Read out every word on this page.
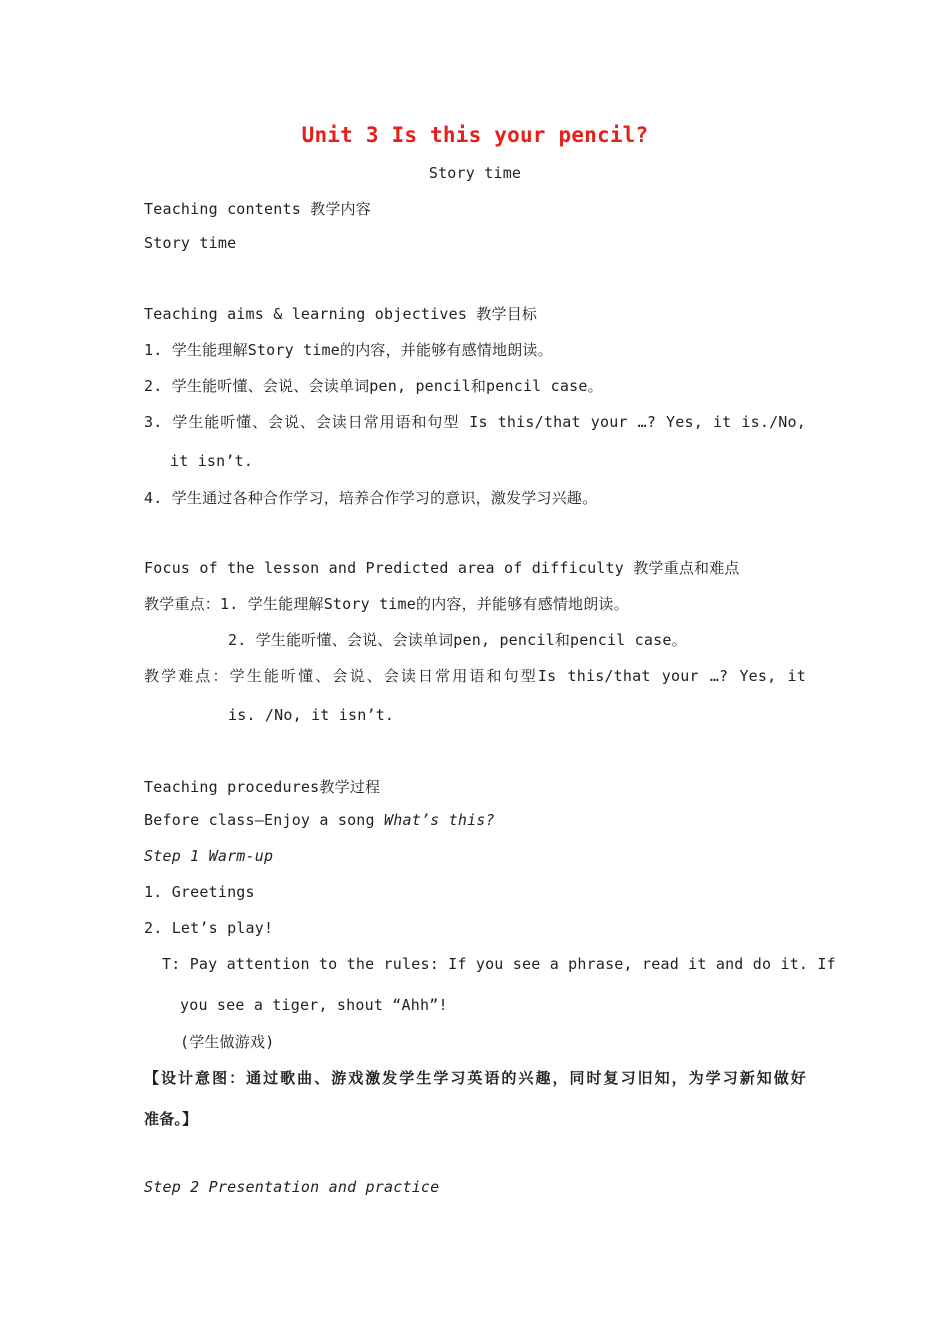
Unit 3 Is this your pencil?
Story time
Teaching contents 教学内容
Story time
Teaching aims & learning objectives 教学目标
1. 学生能理解Story time的内容，并能够有感情地朗读。
2. 学生能听懂、会说、会读单词pen, pencil和pencil case。
3. 学生能听懂、会说、会读日常用语和句型 Is this/that your …? Yes, it is./No,
it isn’t.
4. 学生通过各种合作学习，培养合作学习的意识，激发学习兴趣。
Focus of the lesson and Predicted area of difficulty 教学重点和难点
教学重点：1. 学生能理解Story time的内容，并能够有感情地朗读。
2. 学生能听懂、会说、会读单词pen, pencil和pencil case。
教学难点：学生能听懂、会说、会读日常用语和句型Is this/that your …? Yes, it
is. /No, it isn’t.
Teaching procedures教学过程
Before class—Enjoy a song What’s this?
Step 1 Warm-up
1. Greetings
2. Let’s play!
T: Pay attention to the rules: If you see a phrase, read it and do it. If
you see a tiger, shout “Ahh”!
(学生做游戏)
【设计意图：通过歌曲、游戏激发学生学习英语的兴趣，同时复习旧知，为学习新知做好
准备。】
Step 2 Presentation and practice
